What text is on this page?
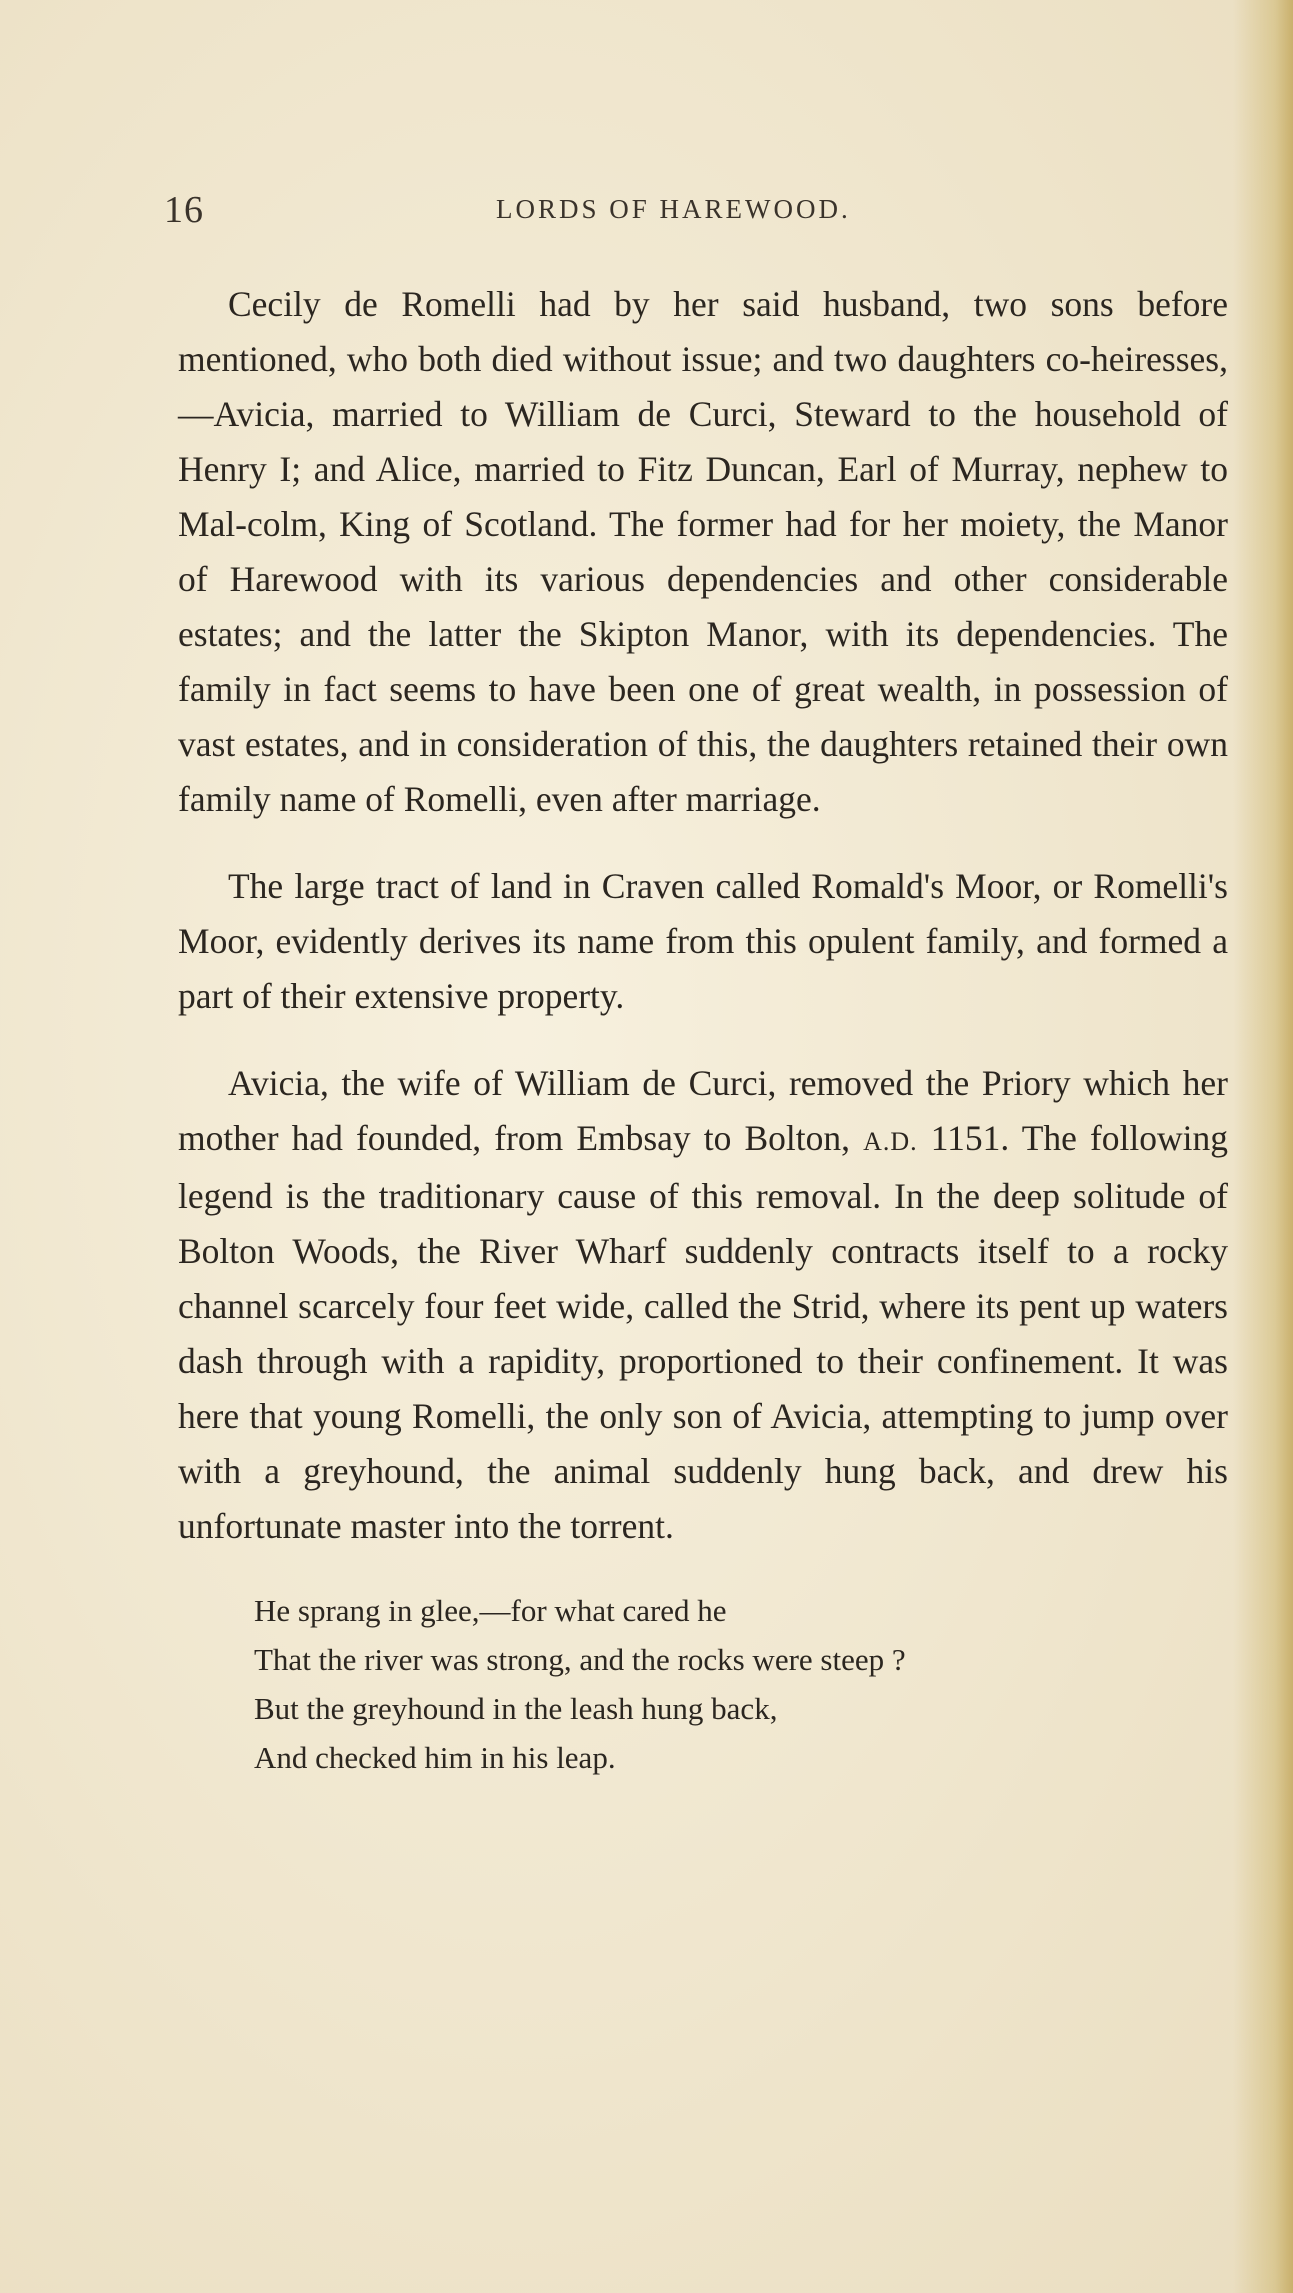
16	LORDS OF HAREWOOD.

Cecily de Romelli had by her said husband, two sons before mentioned, who both died without issue; and two daughters co-heiresses,—Avicia, married to William de Curci, Steward to the household of Henry I; and Alice, married to Fitz Duncan, Earl of Murray, nephew to Mal-colm, King of Scotland. The former had for her moiety, the Manor of Harewood with its various dependencies and other considerable estates; and the latter the Skipton Manor, with its dependencies. The family in fact seems to have been one of great wealth, in possession of vast estates, and in consideration of this, the daughters retained their own family name of Romelli, even after marriage.

The large tract of land in Craven called Romald's Moor, or Romelli's Moor, evidently derives its name from this opulent family, and formed a part of their extensive property.

Avicia, the wife of William de Curci, removed the Priory which her mother had founded, from Embsay to Bolton, A.D. 1151. The following legend is the traditionary cause of this removal. In the deep solitude of Bolton Woods, the River Wharf suddenly contracts itself to a rocky channel scarcely four feet wide, called the Strid, where its pent up waters dash through with a rapidity, proportioned to their confinement. It was here that young Romelli, the only son of Avicia, attempting to jump over with a greyhound, the animal suddenly hung back, and drew his unfortunate master into the torrent.

He sprang in glee,—for what cared he
That the river was strong, and the rocks were steep ?
But the greyhound in the leash hung back,
And checked him in his leap.
